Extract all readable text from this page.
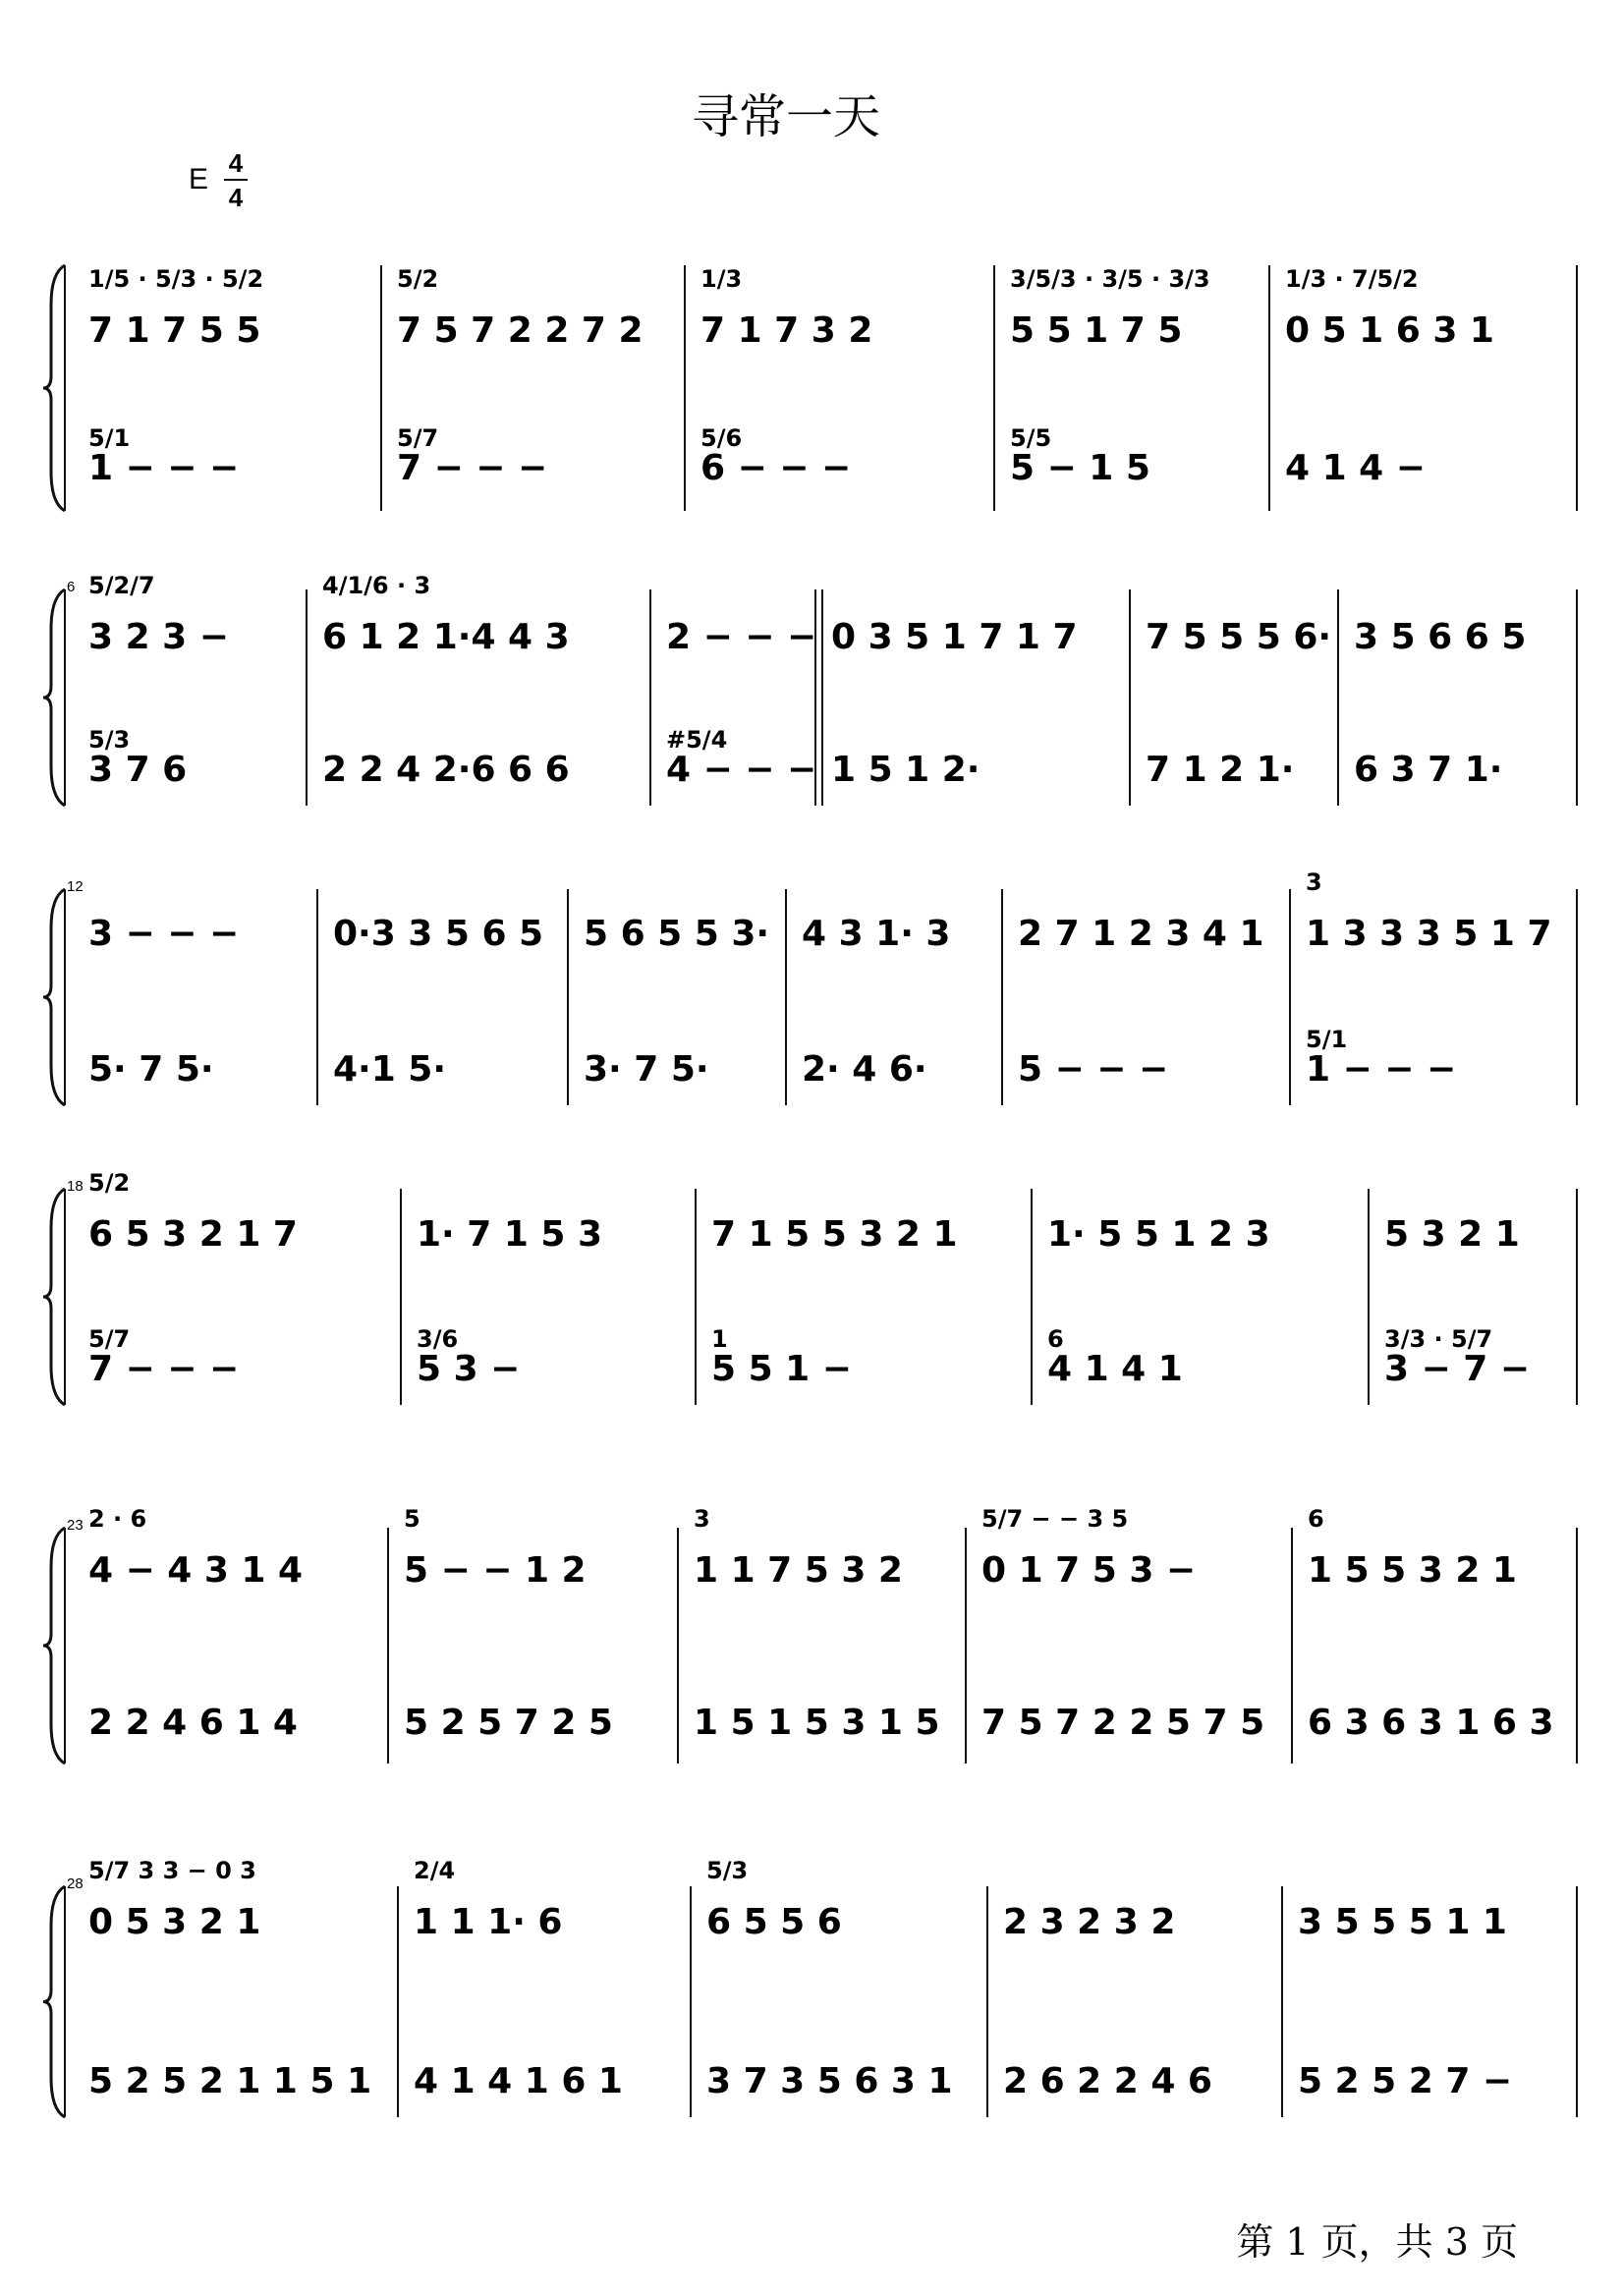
寻常一天
E 4
4
1/5 · 5/3 · 5/2
7 1 7 5 5
5/1
1 − − −
5/2
7 5 7 2 2 7 2
5/7
7 − − −
1/3
7 1 7 3 2
5/6
6 − − −
3/5/3 · 3/5 · 3/3
5 5 1 7 5
5/5
5 − 1 5
1/3 · 7/5/2
0 5 1 6 3 1
4 1 4 −
6 5/2/7
3 2 3 −
5/3
3 7 6
4/1/6 · 3
6 1 2 1·4 4 3
2 2 4 2·6 6 6
2 − − −
#5/4
4 − − −
0 3 5 1 7 1 7
1 5 1 2·
7 5 5 5 6·
7 1 2 1·
3 5 6 6 5
6 3 7 1·
12
3 − − −
5· 7 5·
0·3 3 5 6 5
4·1 5·
5 6 5 5 3·
3· 7 5·
4 3 1· 3
2· 4 6·
2 7 1 2 3 4 1
5 − − −
3
1 3 3 3 5 1 7
5/1
1 − − −
18 5/2
6 5 3 2 1 7
5/7
7 − − −
1· 7 1 5 3
3/6
5 3 −
7 1 5 5 3 2 1
1
5 5 1 −
1· 5 5 1 2 3
6
4 1 4 1
5 3 2 1
3/3 · 5/7
3 − 7 −
23 2 · 6
4 − 4 3 1 4
2 2 4 6 1 4
5
5 − − 1 2
5 2 5 7 2 5
3
1 1 7 5 3 2
1 5 1 5 3 1 5
5/7 − − 3 5
0 1 7 5 3 −
7 5 7 2 2 5 7 5
6
1 5 5 3 2 1
6 3 6 3 1 6 3
28 5/7 3 3 − 0 3
0 5 3 2 1
5 2 5 2 1 1 5 1
2/4
1 1 1· 6
4 1 4 1 6 1
5/3
6 5 5 6
3 7 3 5 6 3 1
2 3 2 3 2
2 6 2 2 4 6
3 5 5 5 1 1
5 2 5 2 7 −
第 1 页，共 3 页
